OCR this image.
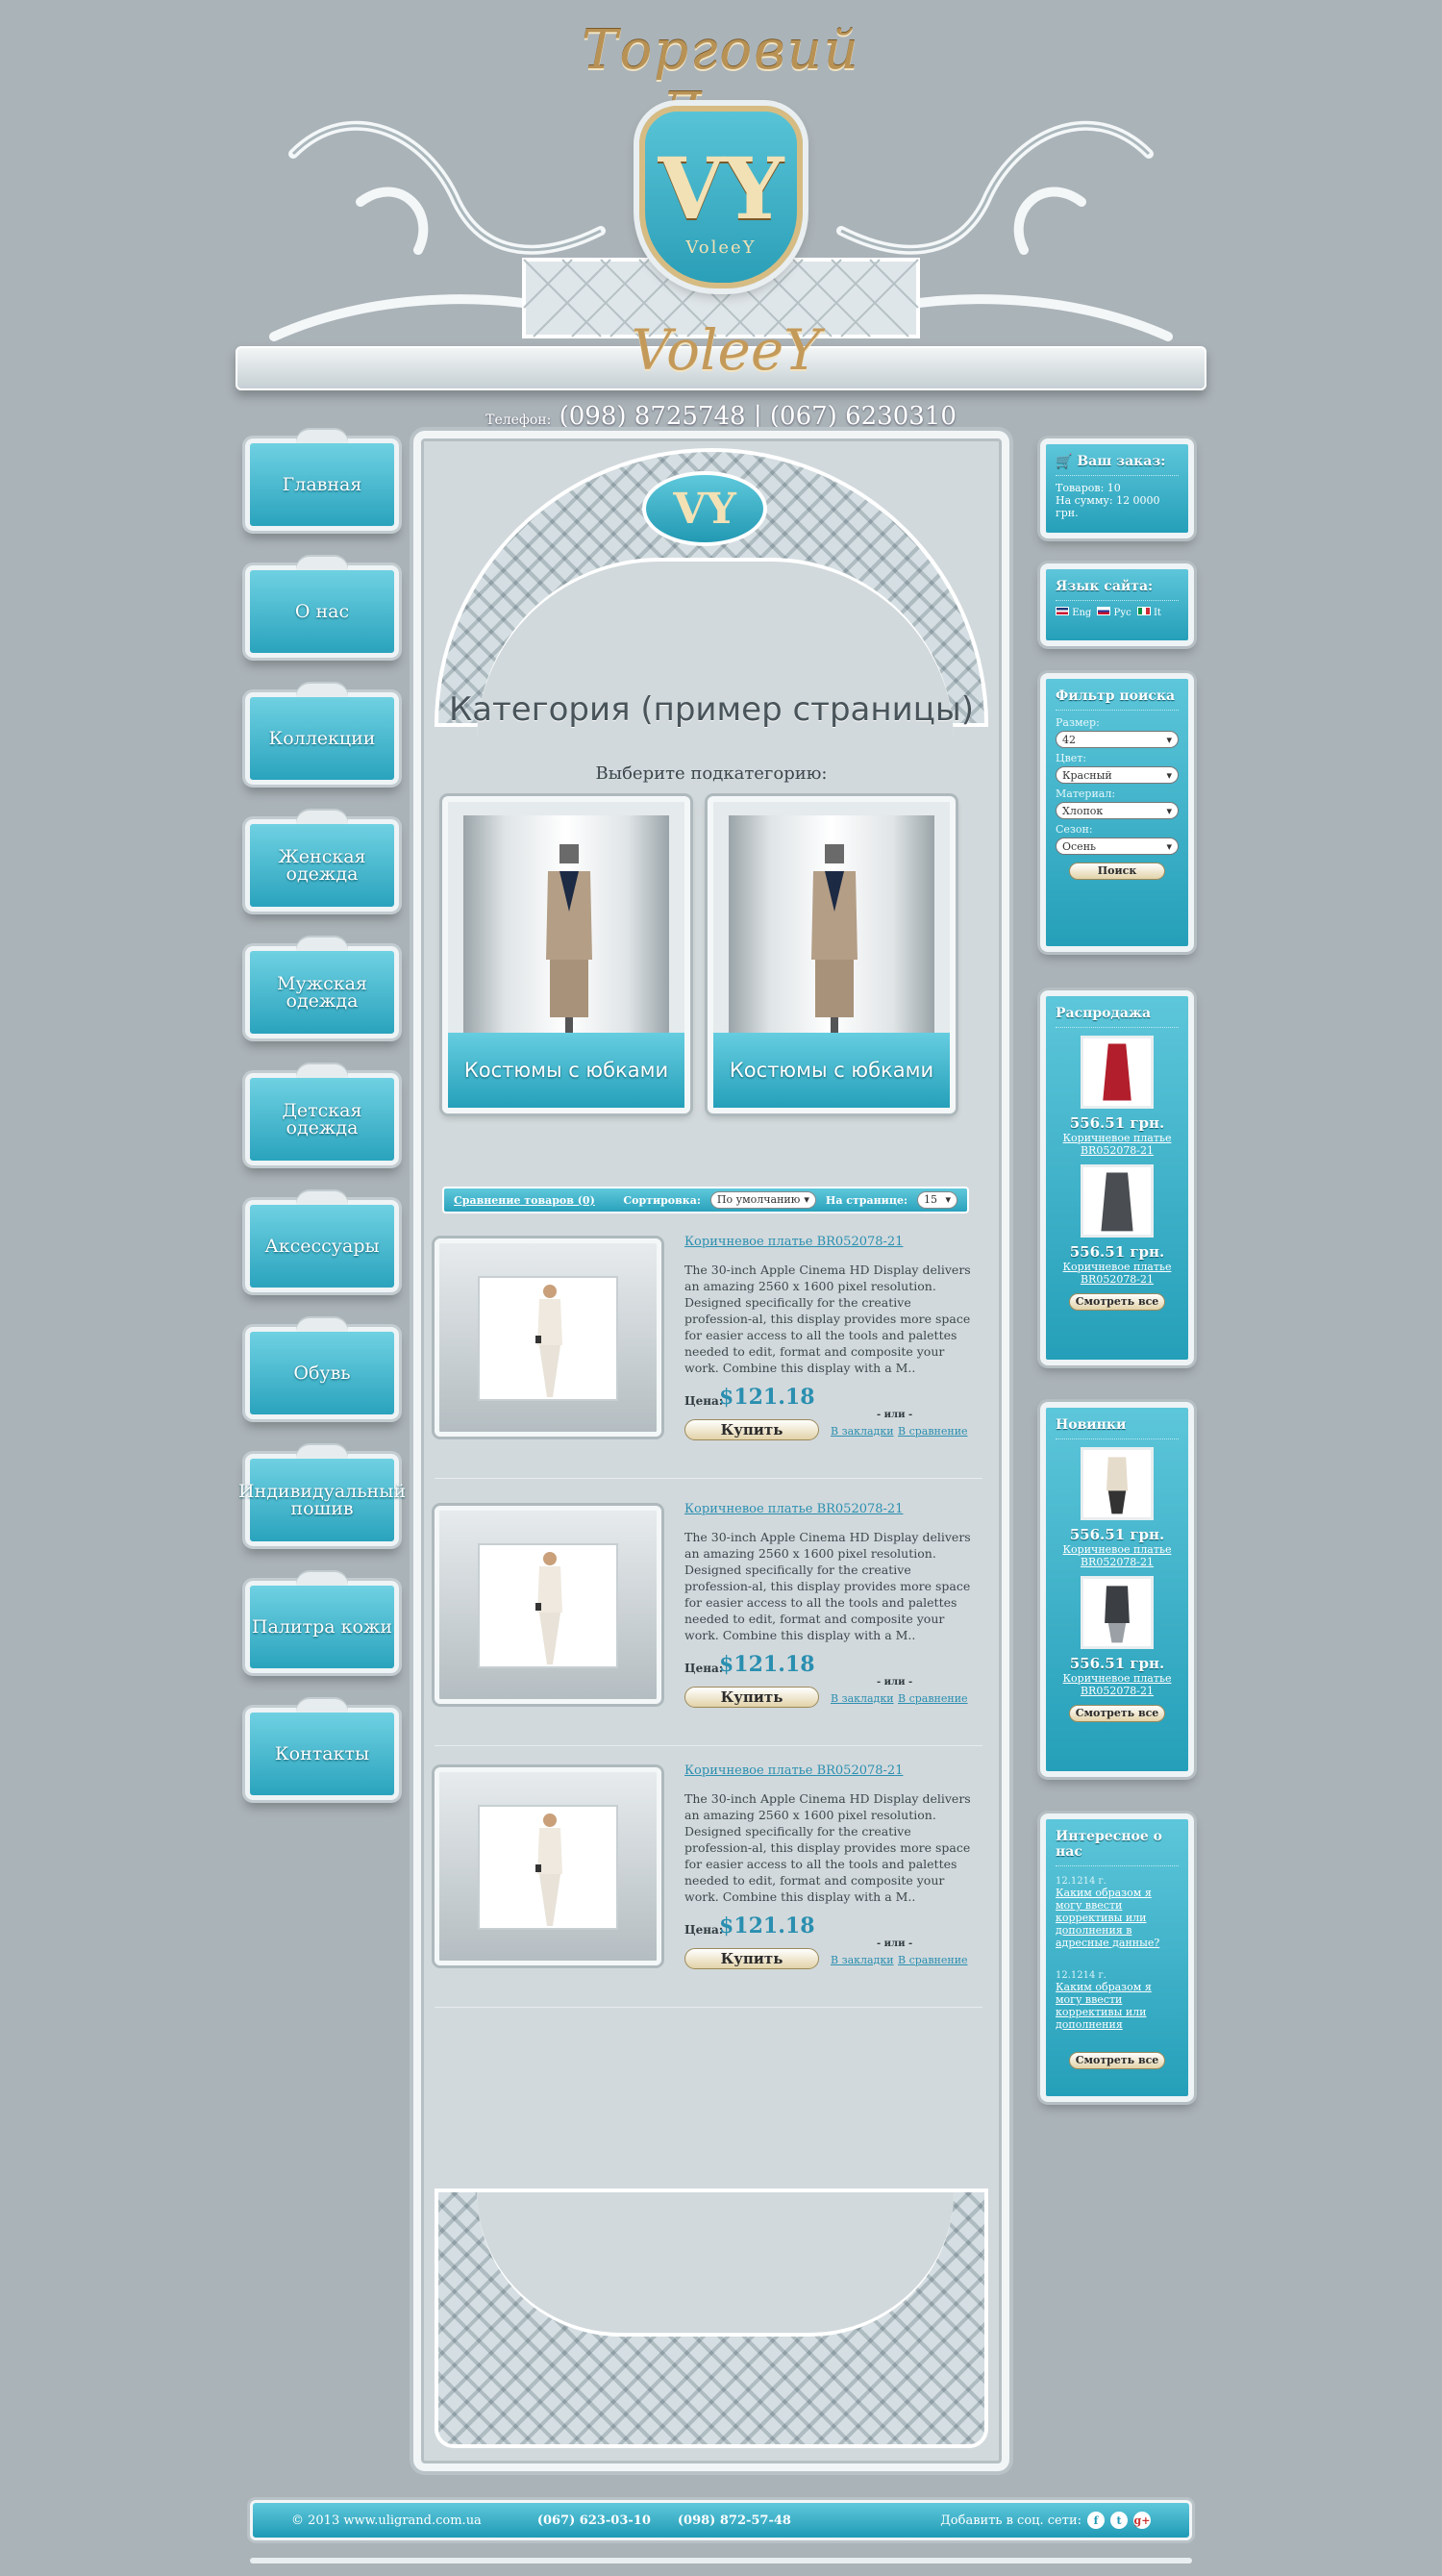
Торговий
VY
VoleeY
VoleeY
Телефон: (098) 8725748 | (067) 6230310
Главная
О нас
Коллекции
Женская одежда
Мужская одежда
Детская одежда
Аксессуары
Обувь
Индивидуальный пошив
Палитра кожи
Контакты
VY
Категория (пример страницы)
Выберите подкатегорию:
Костюмы с юбками	Костюмы с юбками
Сравнение товаров (0)	Сортировка: По умолчанию ▾ На странице: 15 ▾
Коричневое платье BR052078-21
The 30-inch Apple Cinema HD Display delivers an amazing 2560 x 1600 pixel resolution. Designed specifically for the creative profession-al, this display provides more space for easier access to all the tools and palettes needed to edit, format and composite your work. Combine this display with a M..
Цена:
$121.18
Купить
- или -
В закладки В сравнение
Коричневое платье BR052078-21
The 30-inch Apple Cinema HD Display delivers an amazing 2560 x 1600 pixel resolution. Designed specifically for the creative profession-al, this display provides more space for easier access to all the tools and palettes needed to edit, format and composite your work. Combine this display with a M..
Цена:
$121.18
Купить
- или -
В закладки В сравнение
Коричневое платье BR052078-21
The 30-inch Apple Cinema HD Display delivers an amazing 2560 x 1600 pixel resolution. Designed specifically for the creative profession-al, this display provides more space for easier access to all the tools and palettes needed to edit, format and composite your work. Combine this display with a M..
Цена:
$121.18
Купить
- или -
В закладки В сравнение
🛒 Ваш заказ:
Товаров: 10
На сумму: 12 0000 грн.
Язык сайта:
Eng	Рус	It
Фильтр поиска
Размер:
42	▾
Цвет:
Красный	▾
Материал:
Хлопок	▾
Сезон:
Осень	▾
Поиск
Распродажа
556.51 грн.
Коричневое платье BR052078-21
556.51 грн.
Коричневое платье BR052078-21
Смотреть все
Новинки
556.51 грн.
Коричневое платье BR052078-21
556.51 грн.
Коричневое платье BR052078-21
Смотреть все
Интересное о нас
12.1214 г.
Каким образом я могу ввести коррективы или дополнения в адресные данные?
12.1214 г.
Каким образом я могу ввести коррективы или дополнения
Смотреть все
© 2013 www.uligrand.com.ua	(067) 623-03-10 (098) 872-57-48	Добавить в соц. сети:	f	t	g+
